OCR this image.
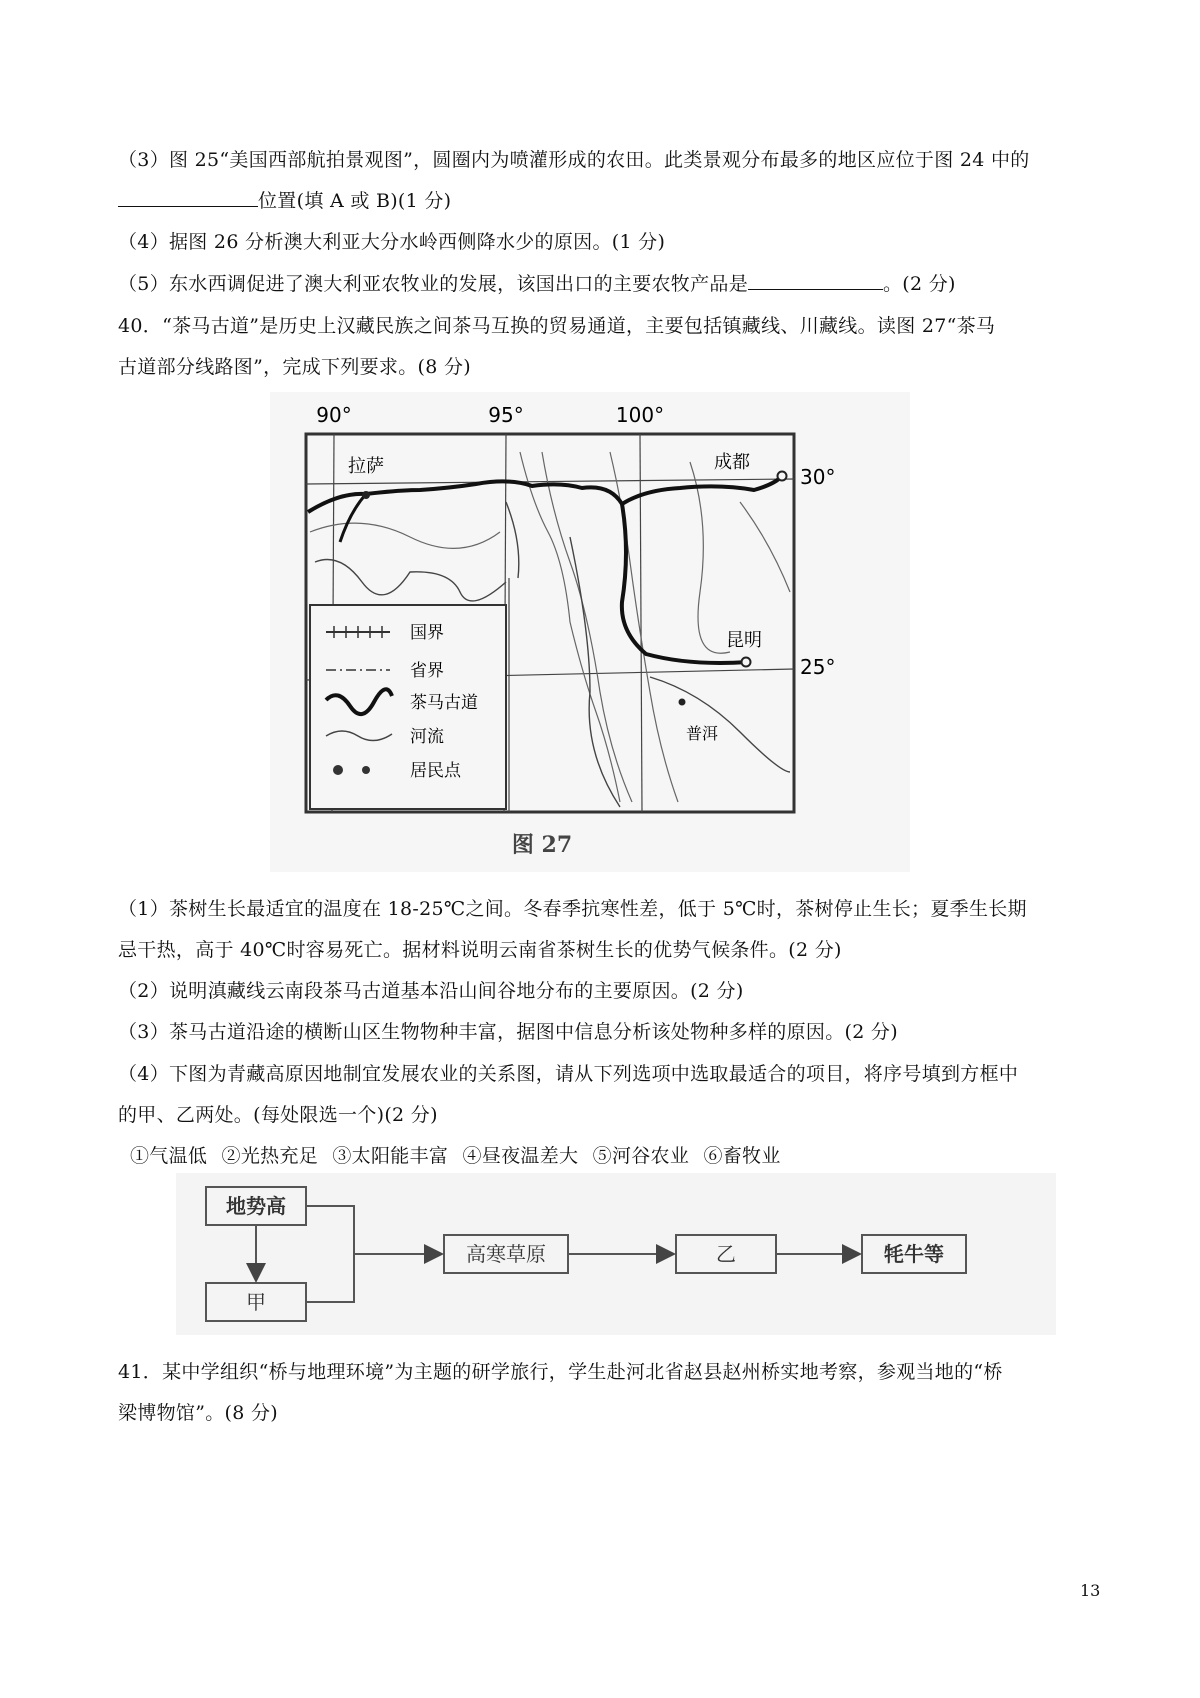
（3）图 25“美国西部航拍景观图”，圆圈内为喷灌形成的农田。此类景观分布最多的地区应位于图 24 中的
位置(填 A 或 B)(1 分)
（4）据图 26 分析澳大利亚大分水岭西侧降水少的原因。(1 分)
（5）东水西调促进了澳大利亚农牧业的发展，该国出口的主要农牧产品是	。(2 分)
40．“茶马古道”是历史上汉藏民族之间茶马互换的贸易通道，主要包括镇藏线、川藏线。读图 27“茶马
古道部分线路图”，完成下列要求。(8 分)
90°	95°	100°
30°
25°
拉萨	成都
昆明
普洱
国界
省界
茶马古道
河流
居民点
图 27
（1）茶树生长最适宜的温度在 18-25℃之间。冬春季抗寒性差，低于 5℃时，茶树停止生长；夏季生长期
忌干热，高于 40℃时容易死亡。据材料说明云南省茶树生长的优势气候条件。(2 分)
（2）说明滇藏线云南段茶马古道基本沿山间谷地分布的主要原因。(2 分)
（3）茶马古道沿途的横断山区生物物种丰富，据图中信息分析该处物种多样的原因。(2 分)
（4）下图为青藏高原因地制宜发展农业的关系图，请从下列选项中选取最适合的项目，将序号填到方框中
的甲、乙两处。(每处限选一个)(2 分)
①气温低 ②光热充足 ③太阳能丰富 ④昼夜温差大 ⑤河谷农业 ⑥畜牧业
地势高
甲
高寒草原	乙	牦牛等
41．某中学组织“桥与地理环境”为主题的研学旅行，学生赴河北省赵县赵州桥实地考察，参观当地的“桥
梁博物馆”。(8 分)
13
